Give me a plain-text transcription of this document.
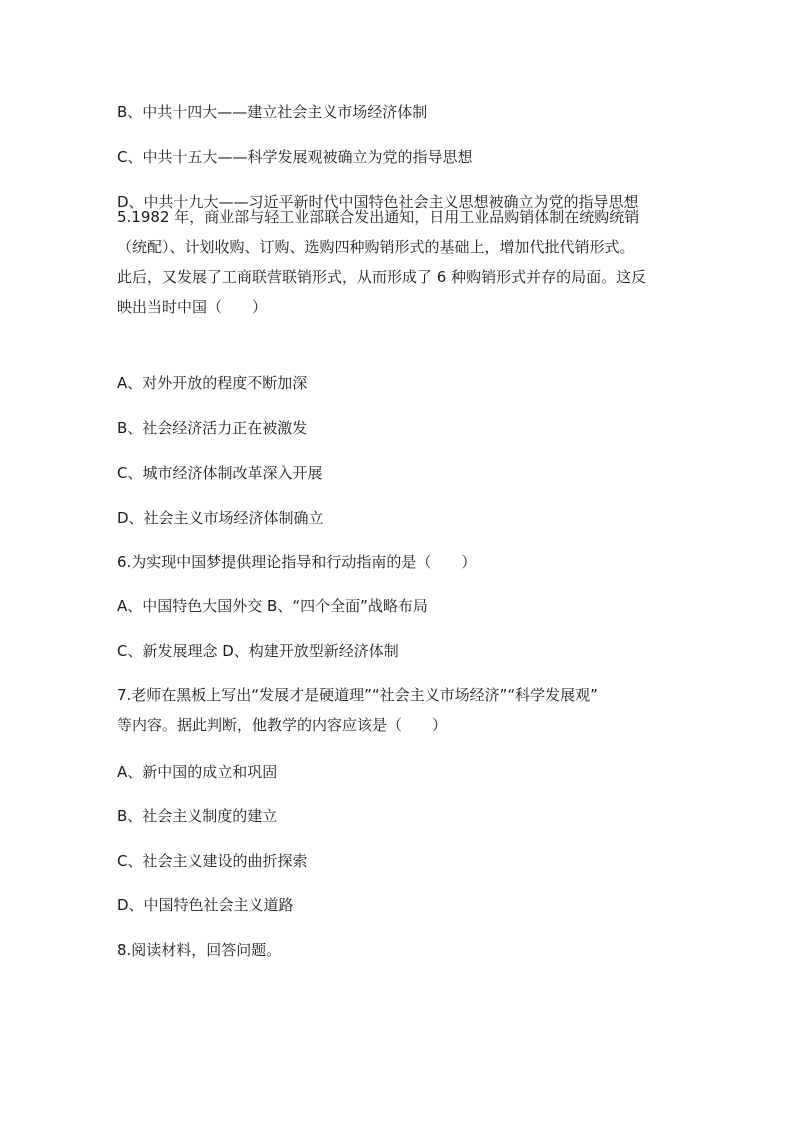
B、中共十四大——建立社会主义市场经济体制
C、中共十五大——科学发展观被确立为党的指导思想
D、中共十九大——习近平新时代中国特色社会主义思想被确立为党的指导思想
5.1982 年，商业部与轻工业部联合发出通知，日用工业品购销体制在统购统销
（统配）、计划收购、订购、选购四种购销形式的基础上，增加代批代销形式。
此后，又发展了工商联营联销形式，从而形成了 6 种购销形式并存的局面。这反
映出当时中国（　　）
A、对外开放的程度不断加深
B、社会经济活力正在被激发
C、城市经济体制改革深入开展
D、社会主义市场经济体制确立
6.为实现中国梦提供理论指导和行动指南的是（　　）
A、中国特色大国外交 B、“四个全面”战略布局
C、新发展理念 D、构建开放型新经济体制
7.老师在黑板上写出“发展才是硬道理”“社会主义市场经济”“科学发展观”
等内容。据此判断，他教学的内容应该是（　　）
A、新中国的成立和巩固
B、社会主义制度的建立
C、社会主义建设的曲折探索
D、中国特色社会主义道路
8.阅读材料，回答问题。
